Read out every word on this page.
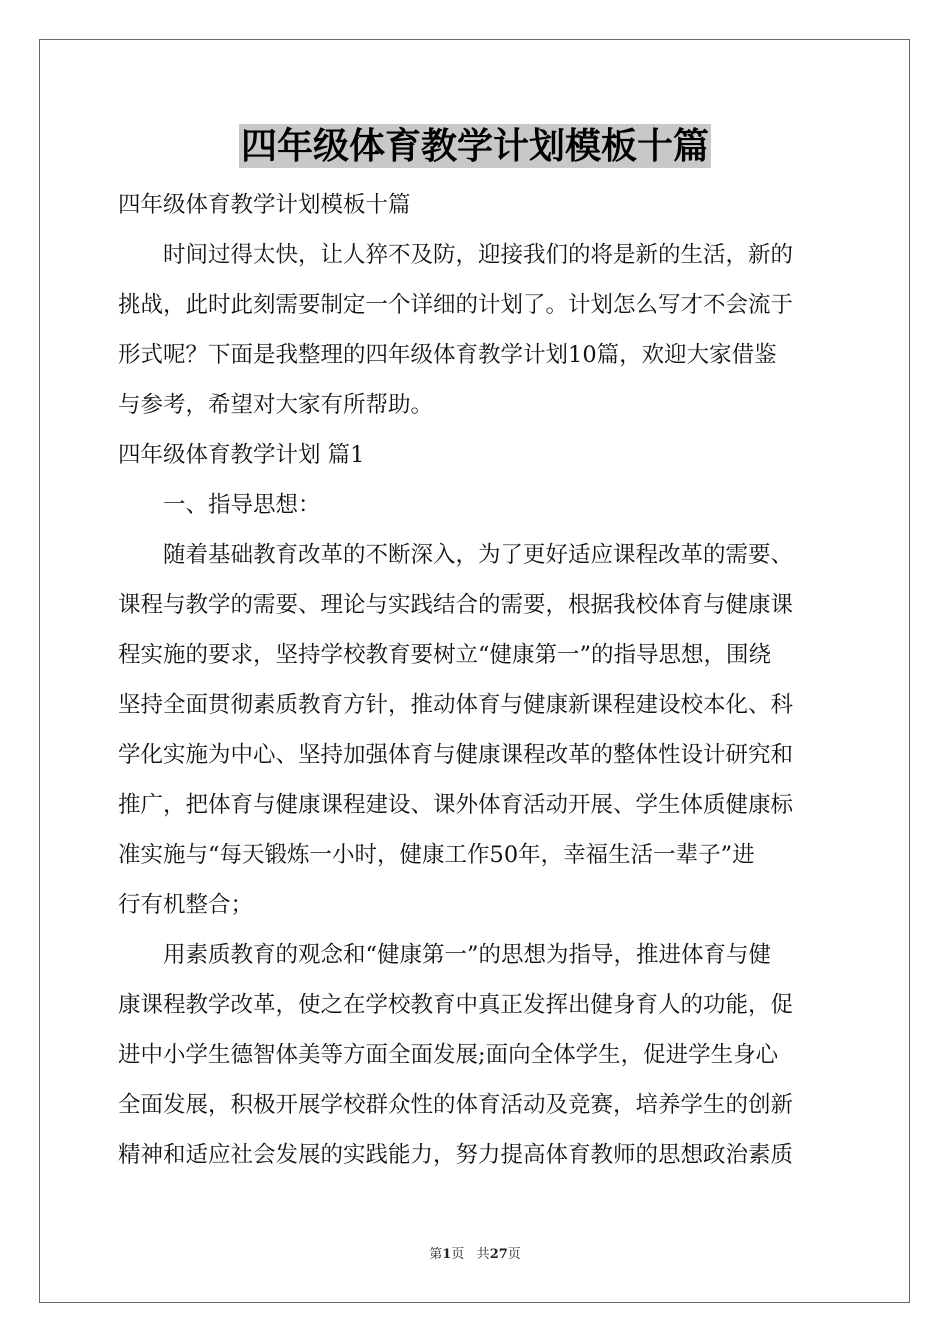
四年级体育教学计划模板十篇
四年级体育教学计划模板十篇
时间过得太快，让人猝不及防，迎接我们的将是新的生活，新的
挑战，此时此刻需要制定一个详细的计划了。计划怎么写才不会流于
形式呢？下面是我整理的四年级体育教学计划10篇，欢迎大家借鉴
与参考，希望对大家有所帮助。
四年级体育教学计划 篇1
一、指导思想：
随着基础教育改革的不断深入，为了更好适应课程改革的需要、
课程与教学的需要、理论与实践结合的需要，根据我校体育与健康课
程实施的要求，坚持学校教育要树立“健康第一”的指导思想，围绕
坚持全面贯彻素质教育方针，推动体育与健康新课程建设校本化、科
学化实施为中心、坚持加强体育与健康课程改革的整体性设计研究和
推广，把体育与健康课程建设、课外体育活动开展、学生体质健康标
准实施与“每天锻炼一小时，健康工作50年，幸福生活一辈子”进
行有机整合；
用素质教育的观念和“健康第一”的思想为指导，推进体育与健
康课程教学改革，使之在学校教育中真正发挥出健身育人的功能，促
进中小学生德智体美等方面全面发展;面向全体学生，促进学生身心
全面发展，积极开展学校群众性的体育活动及竞赛，培养学生的创新
精神和适应社会发展的实践能力，努力提高体育教师的思想政治素质
第1页 共27页
